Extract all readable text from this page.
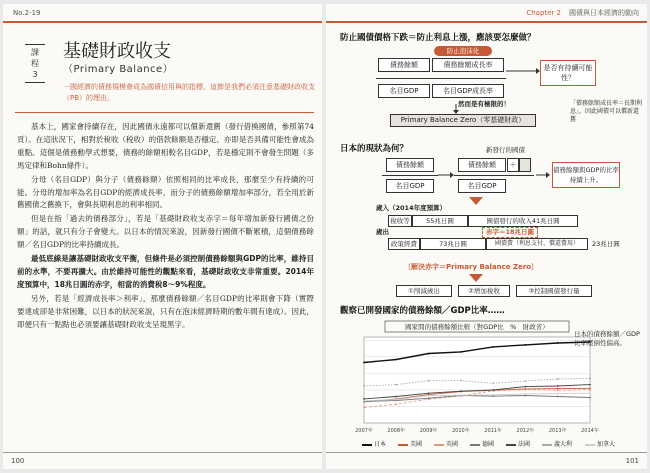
No.2-19
課
程
3
基礎財政收支
（Primary Balance）
一國經濟的債務規模會成為國債信用與的指標，這節是我們必須注意基礎財政收支（PB）的理由。

基本上，國家會持續存在，因此國債永遠都可以償新還舊（發行借換國債，參照第74頁）。在這狀況下，相對於稅收（税收）的借款餘額是否穩定、亦即是否具備可能性會成為重點。這個是債務動學式想要，債務的餘額相較名目GDP，若是穩定則不會發生問題（多馬定律和Bohn條件）。

分母（名目GDP）與分子（債務餘額）依照相同的比率成長，那麼至少有持續的可能。分母的增加率為名目GDP的經濟成長率，而分子的債務餘額增加率部分，若全用於新舊國債之舊換下，會與長期利息的利率相同。

但是在指「過去的債務部分」，若是「基礎財政收支赤字＝每年增加新發行國債之份額」的話，就只有分子會變大。以日本的情況來說，因新發行國債不斷累積，這個債務餘額／名目GDP的比率持續成長。

最低底線是讓基礎財政收支平衡，但條件是必須控制債務餘額與GDP的比率，維持目前的水準，不要再擴大。由於維持可能性的觀點來看，基礎財政收支非常重要。2014年度預算中，18兆日圓的赤字，相當的消費稅8～9%程度。

另外，若是「經濟成長率＞利率」，那麼債務餘額／名目GDP的比率則會下降（實際要達成卻是非常困難，以日本的狀況來說，只有在泡沫經濟時期的數年間有達成）。因此，即便只有一點點也必須要讓基礎財政收支呈現黑字。

100
Chapter 2 國債與日本經濟的動向
防止國債價格下跌＝防止利息上漲，應該要怎麼做？
防止泡沫化
債務餘額	債務餘額成長率
名目GDP	名目GDP成長率
是否有持續可能性？
然而是有極限的！
Primary Balance Zero（零基礎財政）
「債務餘額成長率＝長期利息」，因此國債可以償新還舊
日本的現狀為何？	新發行的國債
債務餘額
名目GDP
債務餘額	＋
名目GDP
債務餘額與GDP的比率持續上升。
歲入（2014年度預算）
稅收等	55兆日圓	國債發行的收入41兆日圓
歲出	赤字＝18兆日圓
政策經費	73兆日圓	國債費（利息支付、償還費用）	23兆日圓
〔解決赤字＝Primary Balance Zero〕
①削減歲出	②增加稅收	③控制國債發行量
觀察已開發國家的債務餘額／GDP比率……
國家間的債務餘額比較（對GDP比　%　財政省）
2007年	2008年	2009年	2010年	2011年	2012年	2013年	2014年
日本的債務餘額／GDP比率壓倒性偏高。
日本	美國	英國	德國	法國	義大利	加拿大
101
